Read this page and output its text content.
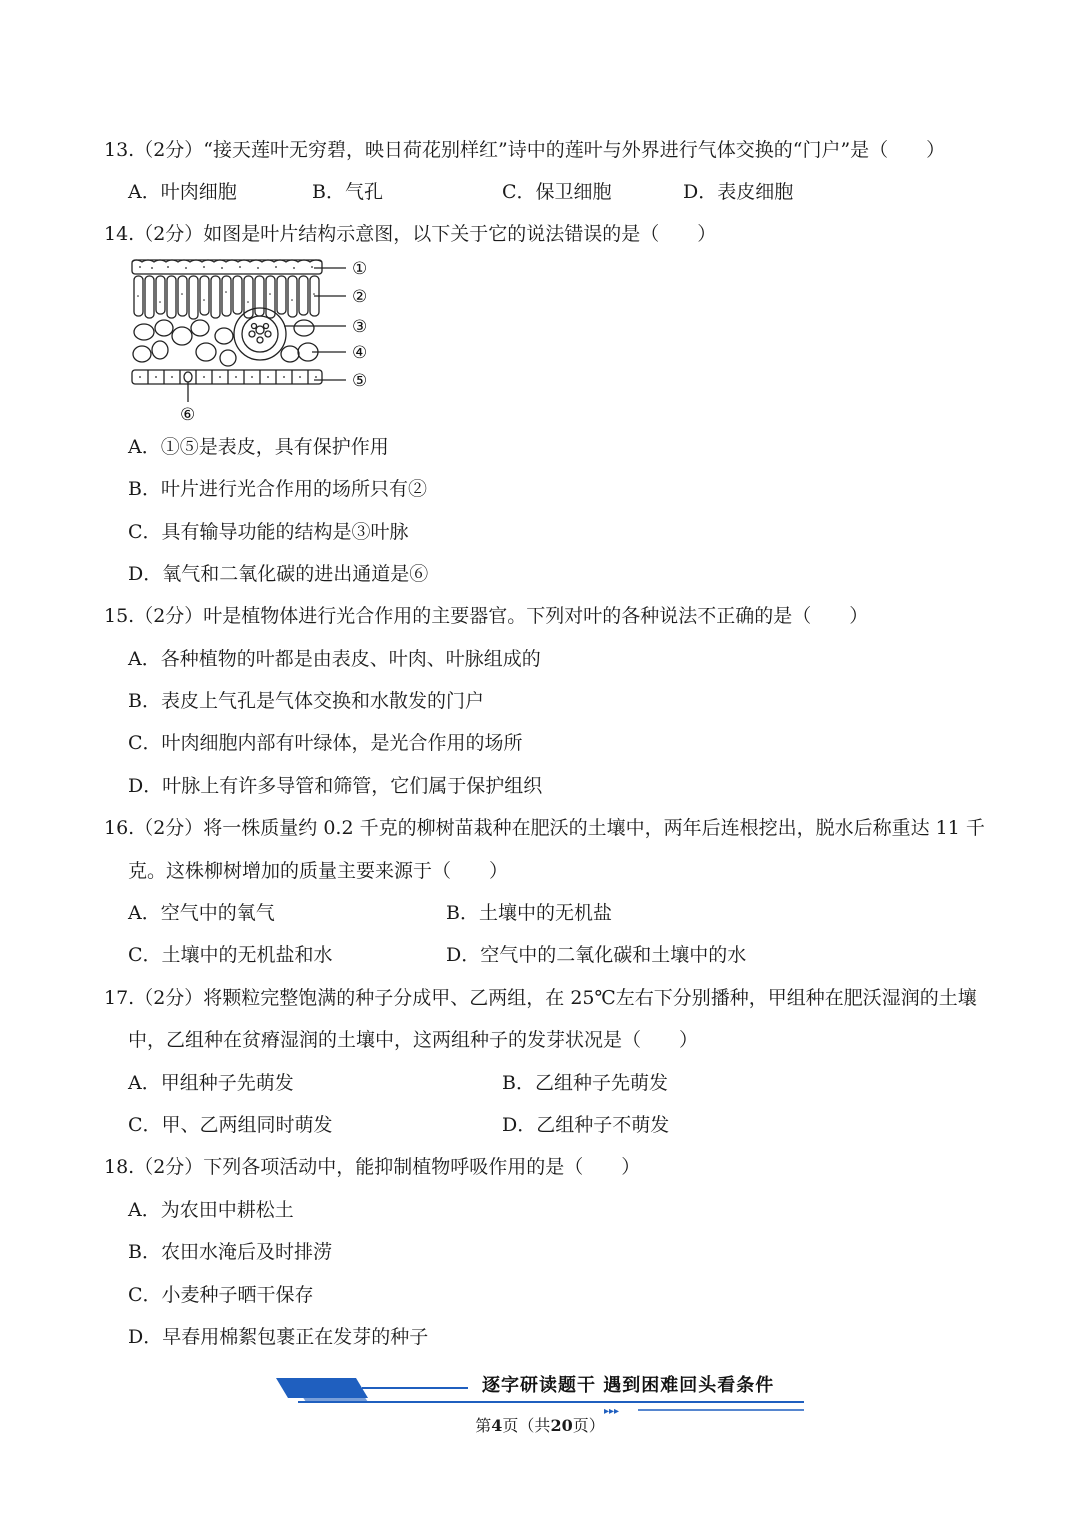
13.（2分）“接天莲叶无穷碧，映日荷花别样红”诗中的莲叶与外界进行气体交换的“门户”是（　　）
A．叶肉细胞	B．气孔	C．保卫细胞	D．表皮细胞
14.（2分）如图是叶片结构示意图，以下关于它的说法错误的是（　　）
①
②
③
④
⑤
⑥
A．①⑤是表皮，具有保护作用
B．叶片进行光合作用的场所只有②
C．具有输导功能的结构是③叶脉
D．氧气和二氧化碳的进出通道是⑥
15.（2分）叶是植物体进行光合作用的主要器官。下列对叶的各种说法不正确的是（　　）
A．各种植物的叶都是由表皮、叶肉、叶脉组成的
B．表皮上气孔是气体交换和水散发的门户
C．叶肉细胞内部有叶绿体，是光合作用的场所
D．叶脉上有许多导管和筛管，它们属于保护组织
16.（2分）将一株质量约 0.2 千克的柳树苗栽种在肥沃的土壤中，两年后连根挖出，脱水后称重达 11 千
克。这株柳树增加的质量主要来源于（　　）
A．空气中的氧气	B．土壤中的无机盐
C．土壤中的无机盐和水	D．空气中的二氧化碳和土壤中的水
17.（2分）将颗粒完整饱满的种子分成甲、乙两组，在 25℃左右下分别播种，甲组种在肥沃湿润的土壤
中，乙组种在贫瘠湿润的土壤中，这两组种子的发芽状况是（　　）
A．甲组种子先萌发	B．乙组种子先萌发
C．甲、乙两组同时萌发	D．乙组种子不萌发
18.（2分）下列各项活动中，能抑制植物呼吸作用的是（　　）
A．为农田中耕松土
B．农田水淹后及时排涝
C．小麦种子晒干保存
D．早春用棉絮包裹正在发芽的种子
▸▸▸
逐字研读题干 遇到困难回头看条件
第4页（共20页）
